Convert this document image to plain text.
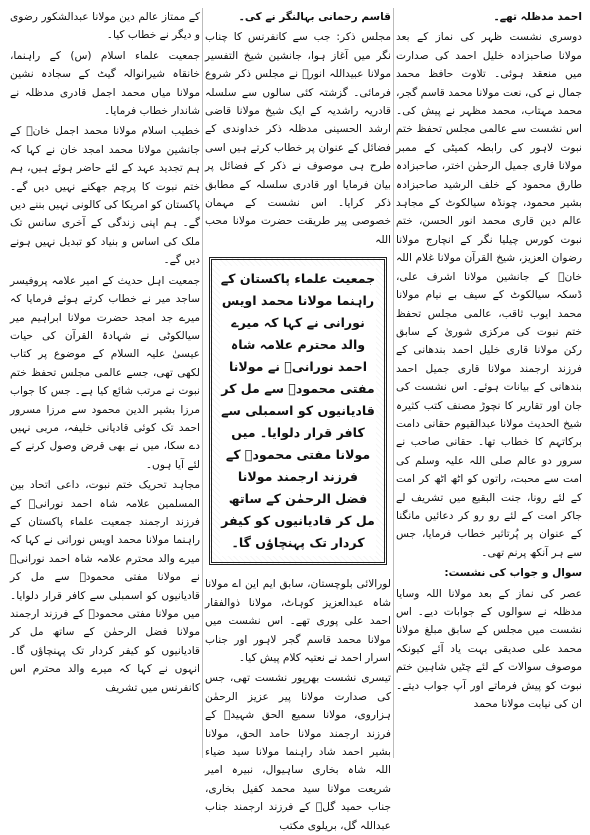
احمد مدظلہ تھے۔

دوسری نشست ظہر کی نماز کے بعد مولانا صاحبزادہ خلیل احمد کی صدارت میں منعقد ہوئی۔ تلاوت حافظ محمد جمال نے کی، نعت مولانا محمد قاسم گجر، محمد مہتاب، محمد مظہر نے پیش کی۔ اس نشست سے عالمی مجلس تحفظ ختم نبوت لاہور کی رابطہ کمیٹی کے ممبر مولانا قاری جمیل الرحمٰن اختر، صاحبزادہ طارق محمود کے خلف الرشید صاحبزادہ بشیر محمود، چونڈہ سیالکوٹ کے مجاہد عالم دین قاری محمد انور الحسن، ختم نبوت کورس چیلیا نگر کے انچارج مولانا رضوان العزیز، شیخ القرآن مولانا غلام اللہ خانؒ کے جانشین مولانا اشرف علی، ڈسکہ سیالکوٹ کے سیف بے نیام مولانا محمد ایوب ثاقب، عالمی مجلس تحفظ ختم نبوت کی مرکزی شوریٰ کے سابق رکن مولانا قاری خلیل احمد بندھانی کے فرزند ارجمند مولانا قاری جمیل احمد بندھانی کے بیانات ہوئے۔ اس نشست کی جان اور تقاریر کا نچوڑ مصنف کتب کثیرہ شیخ الحدیث مولانا عبدالقیوم حقانی دامت برکاتہم کا خطاب تھا۔ حقانی صاحب نے سرور دو عالم صلی اللہ علیہ وسلم کی امت سے محبت، راتوں کو اٹھ اٹھ کر امت کے لئے رونا، جنت البقیع میں تشریف لے جاکر امت کے لئے رو رو کر دعائیں مانگنا کے عنوان پر پُرتاثیر خطاب فرمایا، جس سے ہر آنکھ پرنم تھی۔

سوال و جواب کی نشست:

عصر کی نماز کے بعد مولانا اللہ وسایا مدظلہ نے سوالوں کے جوابات دیے۔ اس نشست میں مجلس کے سابق مبلغ مولانا محمد علی صدیقی بہت یاد آئے کیونکہ موصوف سوالات کے لئے چٹیں شاہین ختم نبوت کو پیش فرماتے اور آپ جواب دیتے۔ ان کی نیابت مولانا محمد

قاسم رحمانی بہالنگر نے کی۔

مجلس ذکر: جب سے کانفرنس کا چناب نگر میں آغاز ہوا، جانشین شیخ التفسیر مولانا عبیداللہ انورؒ نے مجلس ذکر شروع فرمائی۔ گزشتہ کئی سالوں سے سلسلہ قادریہ راشدیہ کے ایک شیخ مولانا قاضی ارشد الحسینی مدظلہ ذکر خداوندی کے فضائل کے عنوان پر خطاب کرتے ہیں اسی طرح ہی موصوف نے ذکر کے فضائل پر بیان فرمایا اور قادری سلسلہ کے مطابق ذکر کرایا۔ اس نشست کے مہمان خصوصی پیر طریقت حضرت مولانا محب اللہ

جمعیت علماء پاکستان کے راہنما مولانا محمد اویس نورانی نے کہا کہ میرے والد محترم علامہ شاہ احمد نورانیؒ نے مولانا مفتی محمودؒ سے مل کر قادیانیوں کو اسمبلی سے کافر قرار دلوایا۔ میں مولانا مفتی محمودؒ کے فرزند ارجمند مولانا فضل الرحمٰن کے ساتھ مل کر قادیانیوں کو کیفر کردار تک پہنچاؤں گا۔

لورالائی بلوچستان، سابق ایم این اے مولانا شاہ عبدالعزیز کوہاٹ، مولانا ذوالفقار احمد علی پوری تھے۔ اس نشست میں مولانا محمد قاسم گجر لاہور اور جناب اسرار احمد نے نعتیہ کلام پیش کیا۔

تیسری نشست بھرپور نشست تھی، جس کی صدارت مولانا پیر عزیز الرحمٰن ہزاروی، مولانا سمیع الحق شہیدؒ کے فرزند ارجمند مولانا حامد الحق، مولانا بشیر احمد شاد راہنما مولانا سید ضیاء اللہ شاہ بخاری ساہیوال، نبیرہ امیر شریعت مولانا سید محمد کفیل بخاری، جناب حمید گلؒ کے فرزند ارجمند جناب عبداللہ گل، بریلوی مکتب

کے ممتاز عالم دین مولانا عبدالشکور رضوی و دیگر نے خطاب کیا۔

جمعیت علماء اسلام (س) کے راہنما، خانقاہ شیرانوالہ گیٹ کے سجادہ نشین مولانا میاں محمد اجمل قادری مدظلہ نے شاندار خطاب فرمایا۔

خطیب اسلام مولانا محمد اجمل خانؒ کے جانشین مولانا محمد امجد خان نے کہا کہ ہم تجدید عہد کے لئے حاضر ہوئے ہیں، ہم ختم نبوت کا پرچم جھکنے نہیں دیں گے۔ پاکستان کو امریکا کی کالونی نہیں بننے دیں گے۔ ہم اپنی زندگی کے آخری سانس تک ملک کی اساس و بنیاد کو تبدیل نہیں ہونے دیں گے۔

جمعیت اہل حدیث کے امیر علامہ پروفیسر ساجد میر نے خطاب کرتے ہوئے فرمایا کہ میرے جد امجد حضرت مولانا ابراہیم میر سیالکوٹی نے شہادۃ القرآن کی حیات عیسیٰ علیہ السلام کے موضوع پر کتاب لکھی تھی، جسے عالمی مجلس تحفظ ختم نبوت نے مرتب شائع کیا ہے۔ جس کا جواب مرزا بشیر الدین محمود سے مرزا مسرور احمد تک کوئی قادیانی خلیفہ، مربی نہیں دے سکا، میں نے بھی قرض وصول کرنے کے لئے آیا ہوں۔

مجاہد تحریک ختم نبوت، داعی اتحاد بین المسلمین علامہ شاہ احمد نورانیؒ کے فرزند ارجمند جمعیت علماء پاکستان کے راہنما مولانا محمد اویس نورانی نے کہا کہ میرے والد محترم علامہ شاہ احمد نورانیؒ نے مولانا مفتی محمودؒ سے مل کر قادیانیوں کو اسمبلی سے کافر قرار دلوایا۔ میں مولانا مفتی محمودؒ کے فرزند ارجمند مولانا فضل الرحمٰن کے ساتھ مل کر قادیانیوں کو کیفر کردار تک پہنچاؤں گا۔ انہوں نے کہا کہ میرے والد محترم اس کانفرنس میں تشریف
